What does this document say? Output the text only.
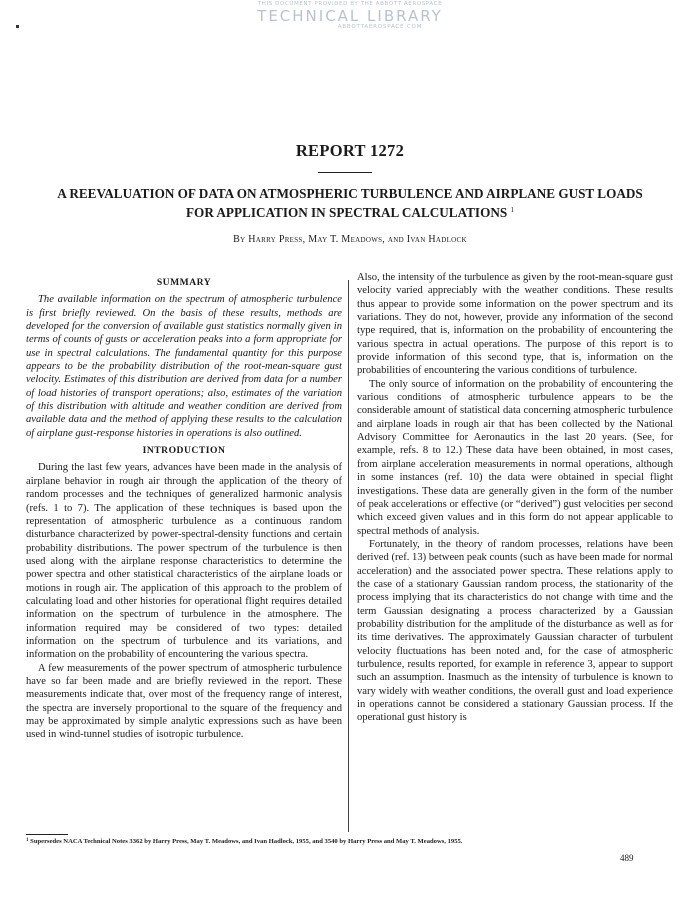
THIS DOCUMENT PROVIDED BY THE ABBOTT AEROSPACE
TECHNICAL LIBRARY
ABBOTTAEROSPACE.COM
REPORT 1272
A REEVALUATION OF DATA ON ATMOSPHERIC TURBULENCE AND AIRPLANE GUST LOADS
FOR APPLICATION IN SPECTRAL CALCULATIONS $^1$
By Harry Press, May T. Meadows, and Ivan Hadlock
SUMMARY

The available information on the spectrum of atmospheric turbulence is first briefly reviewed. On the basis of these results, methods are developed for the conversion of available gust statistics normally given in terms of counts of gusts or acceleration peaks into a form appropriate for use in spectral calculations. The fundamental quantity for this purpose appears to be the probability distribution of the root-mean-square gust velocity. Estimates of this distribution are derived from data for a number of load histories of transport operations; also, estimates of the variation of this distribution with altitude and weather condition are derived from available data and the method of applying these results to the calculation of airplane gust-response histories in operations is also outlined.

INTRODUCTION

During the last few years, advances have been made in the analysis of airplane behavior in rough air through the application of the theory of random processes and the techniques of generalized harmonic analysis (refs. 1 to 7). The application of these techniques is based upon the representation of atmospheric turbulence as a continuous random disturbance characterized by power-spectral-density functions and certain probability distributions. The power spectrum of the turbulence is then used along with the airplane response characteristics to determine the power spectra and other statistical characteristics of the airplane loads or motions in rough air. The application of this approach to the problem of calculating load and other histories for operational flight requires detailed information on the spectrum of turbulence in the atmosphere. The information required may be considered of two types: detailed information on the spectrum of turbulence and its variations, and information on the probability of encountering the various spectra.

A few measurements of the power spectrum of atmospheric turbulence have so far been made and are briefly reviewed in the report. These measurements indicate that, over most of the frequency range of interest, the spectra are inversely proportional to the square of the frequency and may be approximated by simple analytic expressions such as have been used in wind-tunnel studies of isotropic turbulence.

Also, the intensity of the turbulence as given by the root-mean-square gust velocity varied appreciably with the weather conditions. These results thus appear to provide some information on the power spectrum and its variations. They do not, however, provide any information of the second type required, that is, information on the probability of encountering the various spectra in actual operations. The purpose of this report is to provide information of this second type, that is, information on the probabilities of encountering the various conditions of turbulence.

The only source of information on the probability of encountering the various conditions of atmospheric turbulence appears to be the considerable amount of statistical data concerning atmospheric turbulence and airplane loads in rough air that has been collected by the National Advisory Committee for Aeronautics in the last 20 years. (See, for example, refs. 8 to 12.) These data have been obtained, in most cases, from airplane acceleration measurements in normal operations, although in some instances (ref. 10) the data were obtained in special flight investigations. These data are generally given in the form of the number of peak accelerations or effective (or “derived”) gust velocities per second which exceed given values and in this form do not appear applicable to spectral methods of analysis.

Fortunately, in the theory of random processes, relations have been derived (ref. 13) between peak counts (such as have been made for normal acceleration) and the associated power spectra. These relations apply to the case of a stationary Gaussian random process, the stationarity of the process implying that its characteristics do not change with time and the term Gaussian designating a process characterized by a Gaussian probability distribution for the amplitude of the disturbance as well as for its time derivatives. The approximately Gaussian character of turbulent velocity fluctuations has been noted and, for the case of atmospheric turbulence, results reported, for example in reference 3, appear to support such an assumption. Inasmuch as the intensity of turbulence is known to vary widely with weather conditions, the overall gust and load experience in operations cannot be considered a stationary Gaussian process. If the operational gust history is

$^1$ Supersedes NACA Technical Notes 3362 by Harry Press, May T. Meadows, and Ivan Hadlock, 1955, and 3540 by Harry Press and May T. Meadows, 1955.
489
